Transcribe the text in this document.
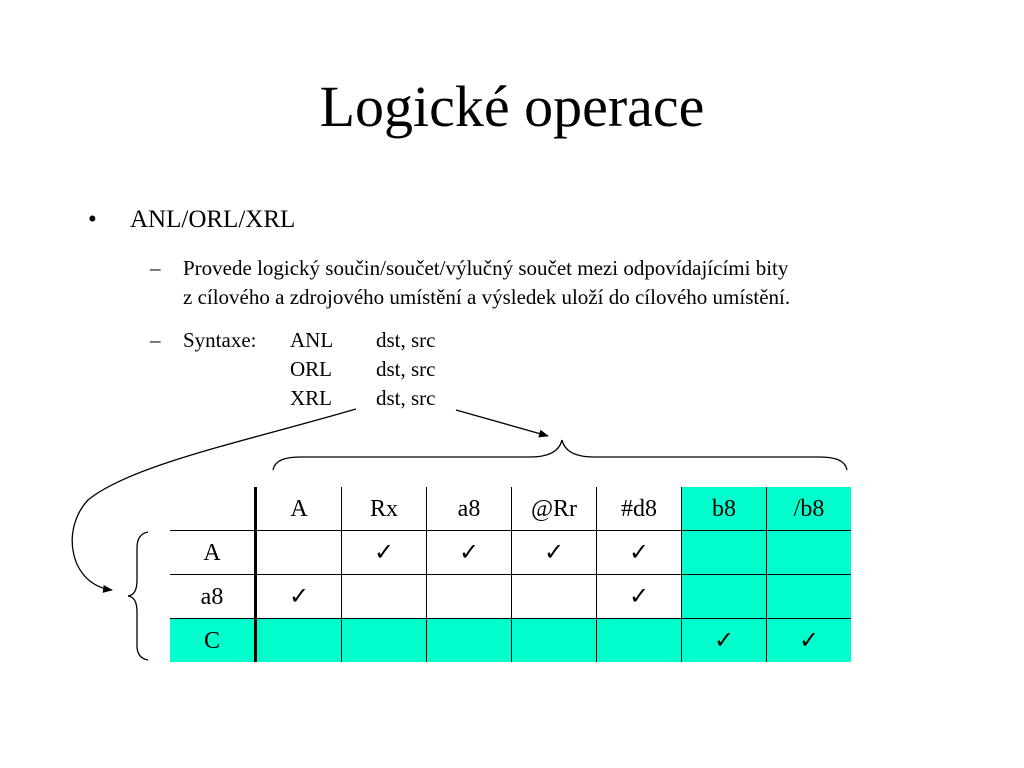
Logické operace
• ANL/ORL/XRL
– Provede logický součin/součet/výlučný součet mezi odpovídajícími bity
z cílového a zdrojového umístění a výsledek uloží do cílového umístění.
– Syntaxe: ANL dst, src
ORL dst, src
XRL dst, src
	A	Rx	a8	@Rr	#d8	b8	/b8
A		✓	✓	✓	✓		
a8	✓				✓		
C						✓	✓
